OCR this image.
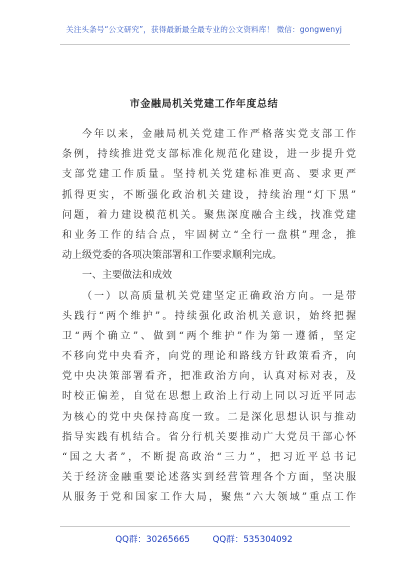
关注头条号“公文研究”，获得最新最全最专业的公文资料库！ 微信：gongwenyj
市金融局机关党建工作年度总结
今年以来，金融局机关党建工作严格落实党支部工作
条例，持续推进党支部标准化规范化建设，进一步提升党
支部党建工作质量。坚持机关党建标准更高、要求更严
抓得更实，不断强化政治机关建设，持续治理“灯下黑”
问题，着力建设模范机关。聚焦深度融合主线，找准党建
和业务工作的结合点，牢固树立“全行一盘棋”理念，推
动上级党委的各项决策部署和工作要求顺利完成。
一、主要做法和成效
（一）以高质量机关党建坚定正确政治方向。一是带
头践行“两个维护”。持续强化政治机关意识，始终把握
卫“两个确立”、做到“两个维护”作为第一遵循，坚定
不移向党中央看齐，向党的理论和路线方针政策看齐，向
党中央决策部署看齐，把准政治方向，认真对标对表，及
时校正偏差，自觉在思想上政治上行动上同以习近平同志
为核心的党中央保持高度一致。二是深化思想认识与推动
指导实践有机结合。省分行机关要推动广大党员干部心怀
“国之大者”，不断提高政治“三力”，把习近平总书记
关于经济金融重要论述落实到经营管理各个方面，坚决服
从服务于党和国家工作大局，聚焦“六大领域”重点工作
QQ群：30265665	QQ群：535304092
